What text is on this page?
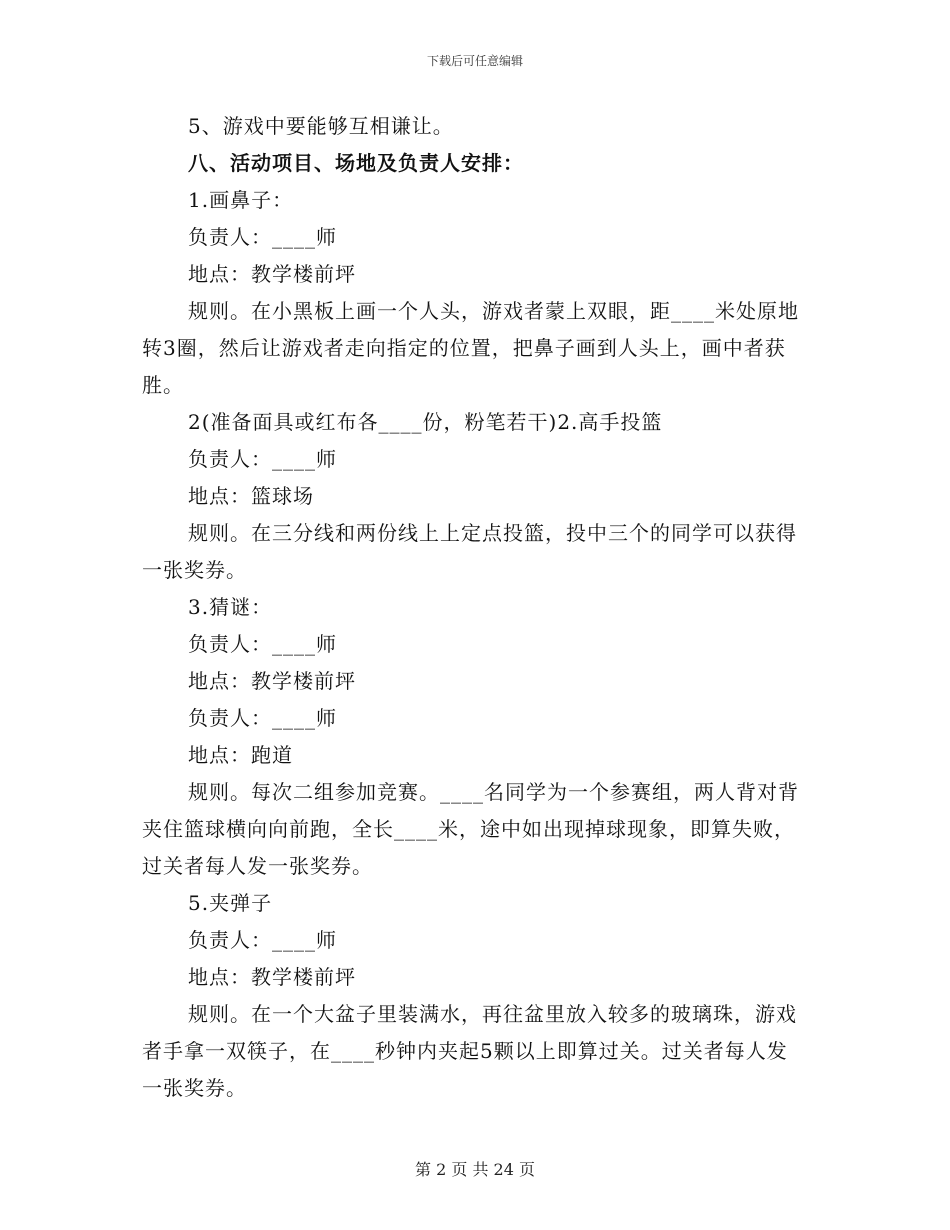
下载后可任意编辑

5、游戏中要能够互相谦让。

八、活动项目、场地及负责人安排：

1.画鼻子：

负责人：____师

地点：教学楼前坪

规则。在小黑板上画一个人头，游戏者蒙上双眼，距____米处原地转3圈，然后让游戏者走向指定的位置，把鼻子画到人头上，画中者获胜。

2(准备面具或红布各____份，粉笔若干)2.高手投篮

负责人：____师

地点：篮球场

规则。在三分线和两份线上上定点投篮，投中三个的同学可以获得一张奖券。

3.猜谜：

负责人：____师

地点：教学楼前坪

负责人：____师

地点：跑道

规则。每次二组参加竞赛。____名同学为一个参赛组，两人背对背夹住篮球横向向前跑，全长____米，途中如出现掉球现象，即算失败，过关者每人发一张奖券。

5.夹弹子

负责人：____师

地点：教学楼前坪

规则。在一个大盆子里装满水，再往盆里放入较多的玻璃珠，游戏者手拿一双筷子，在____秒钟内夹起5颗以上即算过关。过关者每人发一张奖券。

第 2 页 共 24 页
